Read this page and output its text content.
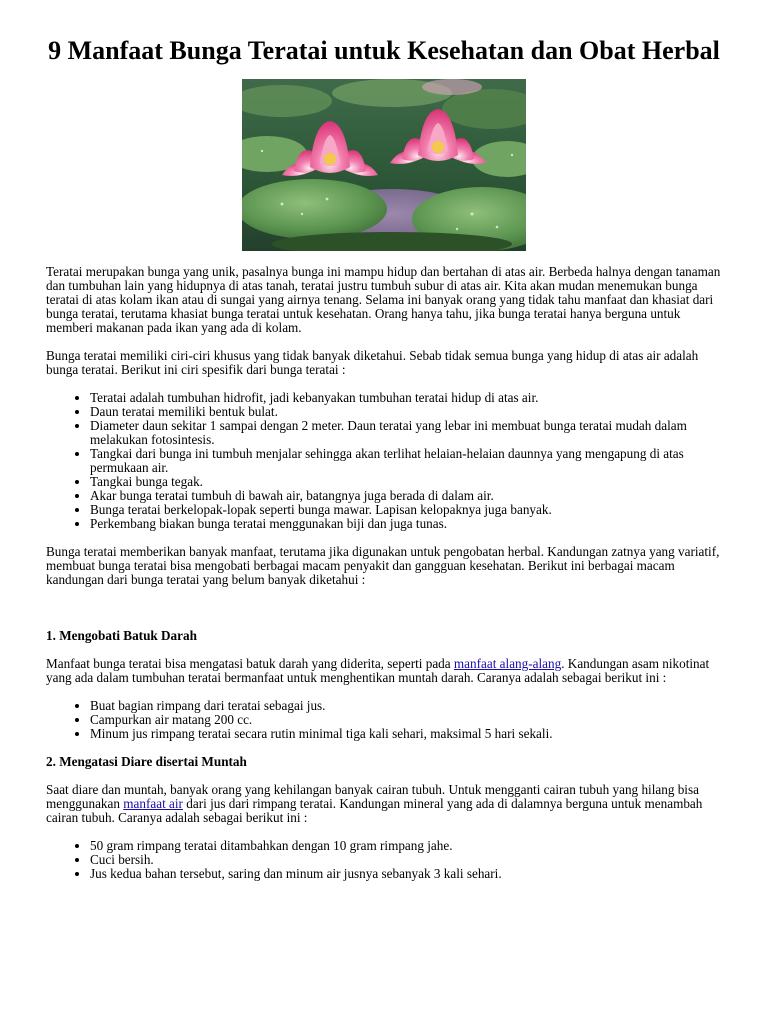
9 Manfaat Bunga Teratai untuk Kesehatan dan Obat Herbal

Teratai merupakan bunga yang unik, pasalnya bunga ini mampu hidup dan bertahan di atas air. Berbeda halnya dengan tanaman dan tumbuhan lain yang hidupnya di atas tanah, teratai justru tumbuh subur di atas air. Kita akan mudan menemukan bunga teratai di atas kolam ikan atau di sungai yang airnya tenang. Selama ini banyak orang yang tidak tahu manfaat dan khasiat dari bunga teratai, terutama khasiat bunga teratai untuk kesehatan. Orang hanya tahu, jika bunga teratai hanya berguna untuk memberi makanan pada ikan yang ada di kolam.

Bunga teratai memiliki ciri-ciri khusus yang tidak banyak diketahui. Sebab tidak semua bunga yang hidup di atas air adalah bunga teratai. Berikut ini ciri spesifik dari bunga teratai :

• Teratai adalah tumbuhan hidrofit, jadi kebanyakan tumbuhan teratai hidup di atas air.
• Daun teratai memiliki bentuk bulat.
• Diameter daun sekitar 1 sampai dengan 2 meter. Daun teratai yang lebar ini membuat bunga teratai mudah dalam melakukan fotosintesis.
• Tangkai dari bunga ini tumbuh menjalar sehingga akan terlihat helaian-helaian daunnya yang mengapung di atas permukaan air.
• Tangkai bunga tegak.
• Akar bunga teratai tumbuh di bawah air, batangnya juga berada di dalam air.
• Bunga teratai berkelopak-lopak seperti bunga mawar. Lapisan kelopaknya juga banyak.
• Perkembang biakan bunga teratai menggunakan biji dan juga tunas.

Bunga teratai memberikan banyak manfaat, terutama jika digunakan untuk pengobatan herbal. Kandungan zatnya yang variatif, membuat bunga teratai bisa mengobati berbagai macam penyakit dan gangguan kesehatan. Berikut ini berbagai macam kandungan dari bunga teratai yang belum banyak diketahui :

1. Mengobati Batuk Darah

Manfaat bunga teratai bisa mengatasi batuk darah yang diderita, seperti pada manfaat alang-alang. Kandungan asam nikotinat yang ada dalam tumbuhan teratai bermanfaat untuk menghentikan muntah darah. Caranya adalah sebagai berikut ini :

• Buat bagian rimpang dari teratai sebagai jus.
• Campurkan air matang 200 cc.
• Minum jus rimpang teratai secara rutin minimal tiga kali sehari, maksimal 5 hari sekali.
2. Mengatasi Diare disertai Muntah

Saat diare dan muntah, banyak orang yang kehilangan banyak cairan tubuh. Untuk mengganti cairan tubuh yang hilang bisa menggunakan manfaat air dari jus dari rimpang teratai. Kandungan mineral yang ada di dalamnya berguna untuk menambah cairan tubuh. Caranya adalah sebagai berikut ini :

• 50 gram rimpang teratai ditambahkan dengan 10 gram rimpang jahe.
• Cuci bersih.
• Jus kedua bahan tersebut, saring dan minum air jusnya sebanyak 3 kali sehari.
